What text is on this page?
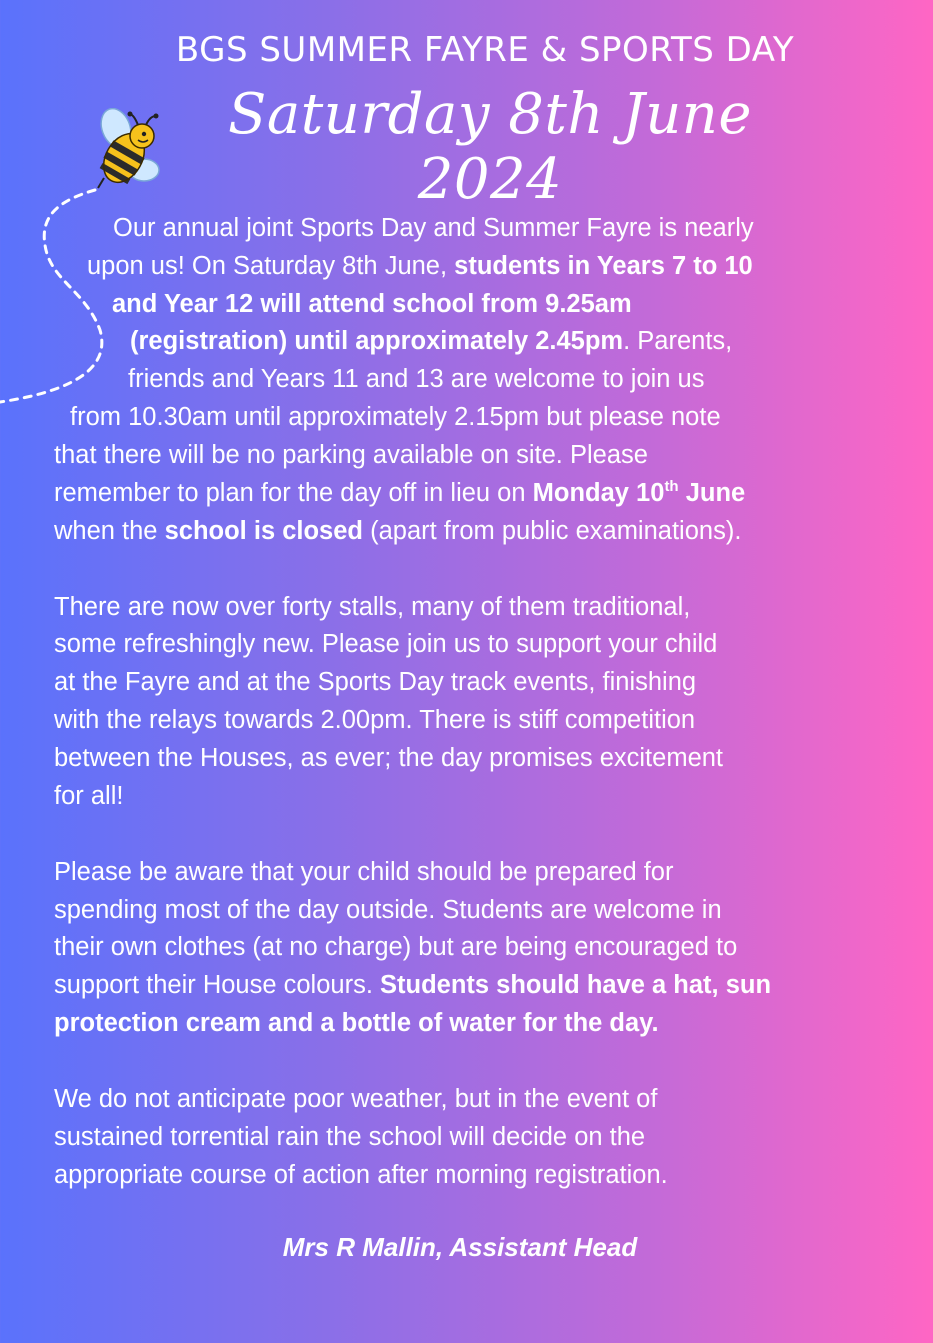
BGS SUMMER FAYRE & SPORTS DAY
Saturday 8th June 2024
Our annual joint Sports Day and Summer Fayre is nearly
upon us! On Saturday 8th June, students in Years 7 to 10
and Year 12 will attend school from 9.25am
(registration) until approximately 2.45pm. Parents,
friends and Years 11 and 13 are welcome to join us
from 10.30am until approximately 2.15pm but please note
that there will be no parking available on site. Please
remember to plan for the day off in lieu on Monday 10th June
when the school is closed (apart from public examinations).
There are now over forty stalls, many of them traditional,
some refreshingly new. Please join us to support your child
at the Fayre and at the Sports Day track events, finishing
with the relays towards 2.00pm. There is stiff competition
between the Houses, as ever; the day promises excitement
for all!
Please be aware that your child should be prepared for
spending most of the day outside. Students are welcome in
their own clothes (at no charge) but are being encouraged to
support their House colours. Students should have a hat, sun
protection cream and a bottle of water for the day.
We do not anticipate poor weather, but in the event of
sustained torrential rain the school will decide on the
appropriate course of action after morning registration.
Mrs R Mallin, Assistant Head
